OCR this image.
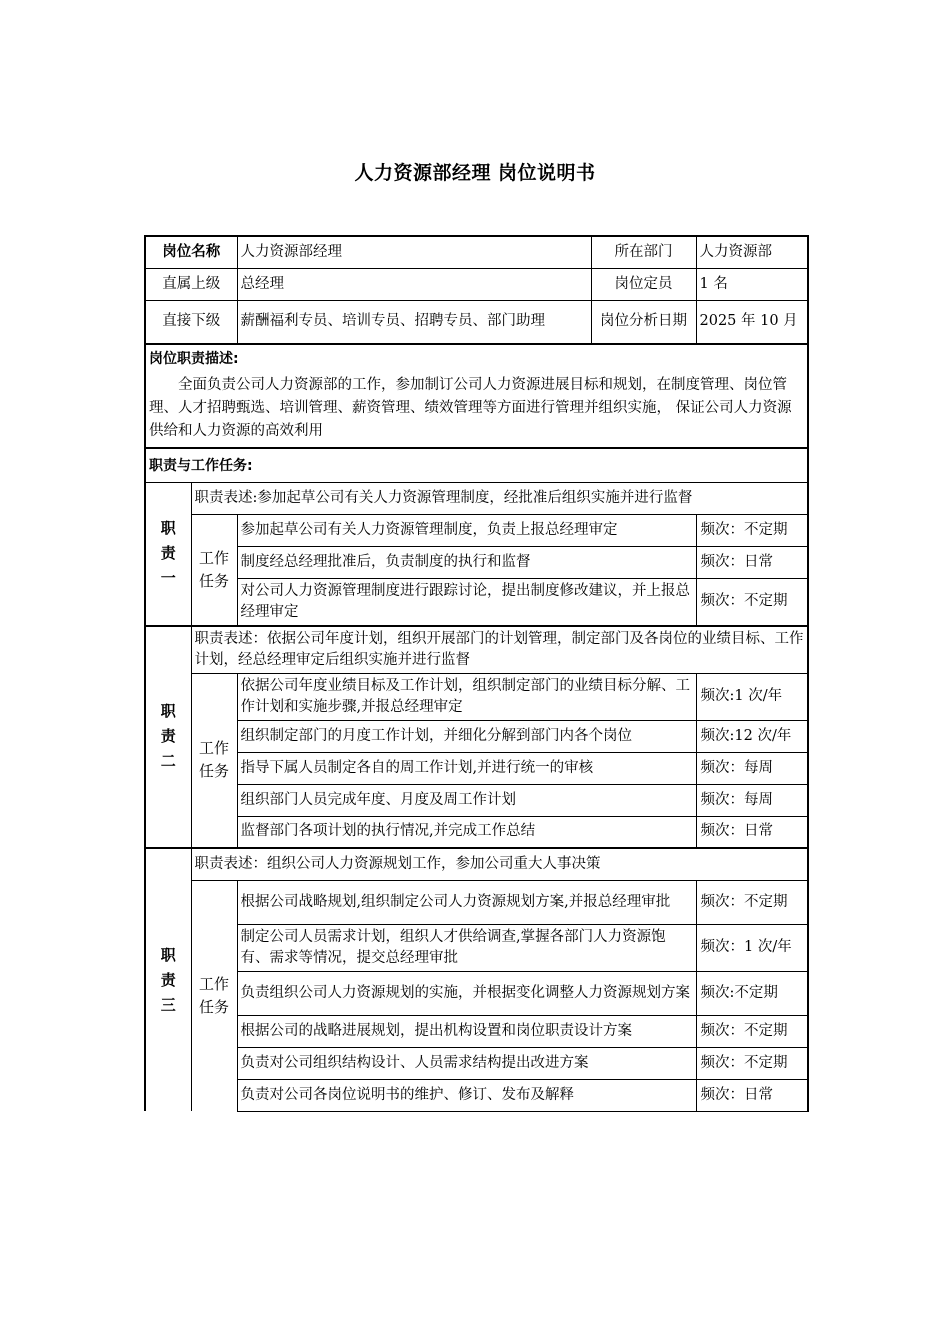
人力资源部经理 岗位说明书
岗位名称		人力资源部经理	所在部门	人力资源部
直属上级		总经理	岗位定员	1 名
直接下级		薪酬福利专员、培训专员、招聘专员、部门助理	岗位分析日期	2025 年 10 月

岗位职责描述:
全面负责公司人力资源部的工作，参加制订公司人力资源进展目标和规划，在制度管理、岗位管理、人才招聘甄选、培训管理、薪资管理、绩效管理等方面进行管理并组织实施， 保证公司人力资源供给和人力资源的高效利用				

职责与工作任务:				

职
责
一	职责表述:参加起草公司有关人力资源管理制度，经批准后组织实施并进行监督			

	工作
任务	参加起草公司有关人力资源管理制度，负责上报总经理审定		频次：不定期
		制度经总经理批准后，负责制度的执行和监督		频次：日常
		对公司人力资源管理制度进行跟踪讨论，提出制度修改建议，并上报总经理审定		频次：不定期

职
责
二	职责表述：依据公司年度计划，组织开展部门的计划管理，制定部门及各岗位的业绩目标、工作计划，经总经理审定后组织实施并进行监督			

	工作
任务	依据公司年度业绩目标及工作计划，组织制定部门的业绩目标分解、工作计划和实施步骤,并报总经理审定		频次:1 次/年
		组织制定部门的月度工作计划，并细化分解到部门内各个岗位		频次:12 次/年
		指导下属人员制定各自的周工作计划,并进行统一的审核		频次：每周
		组织部门人员完成年度、月度及周工作计划		频次：每周
		监督部门各项计划的执行情况,并完成工作总结		频次：日常

职
责
三	职责表述：组织公司人力资源规划工作，参加公司重大人事决策			

	工作
任务	根据公司战略规划,组织制定公司人力资源规划方案,并报总经理审批		频次：不定期
		制定公司人员需求计划，组织人才供给调查,掌握各部门人力资源饱有、需求等情况，提交总经理审批		频次：1 次/年
		负责组织公司人力资源规划的实施，并根据变化调整人力资源规划方案		频次:不定期
		根据公司的战略进展规划，提出机构设置和岗位职责设计方案		频次：不定期
		负责对公司组织结构设计、人员需求结构提出改进方案		频次：不定期
		负责对公司各岗位说明书的维护、修订、发布及解释		频次：日常
